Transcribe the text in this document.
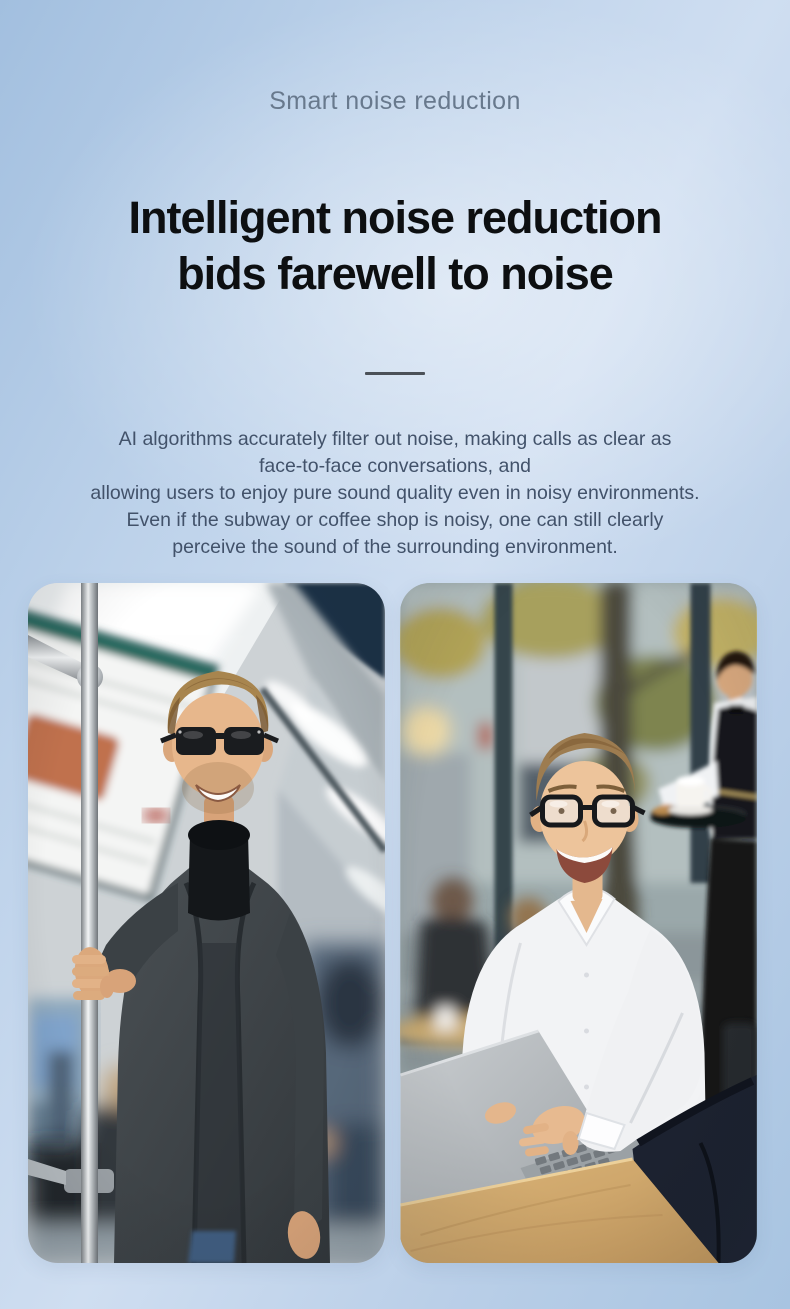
Smart noise reduction
Intelligent noise reduction
bids farewell to noise
AI algorithms accurately filter out noise, making calls as clear as
face-to-face conversations, and
allowing users to enjoy pure sound quality even in noisy environments.
Even if the subway or coffee shop is noisy, one can still clearly
perceive the sound of the surrounding environment.
